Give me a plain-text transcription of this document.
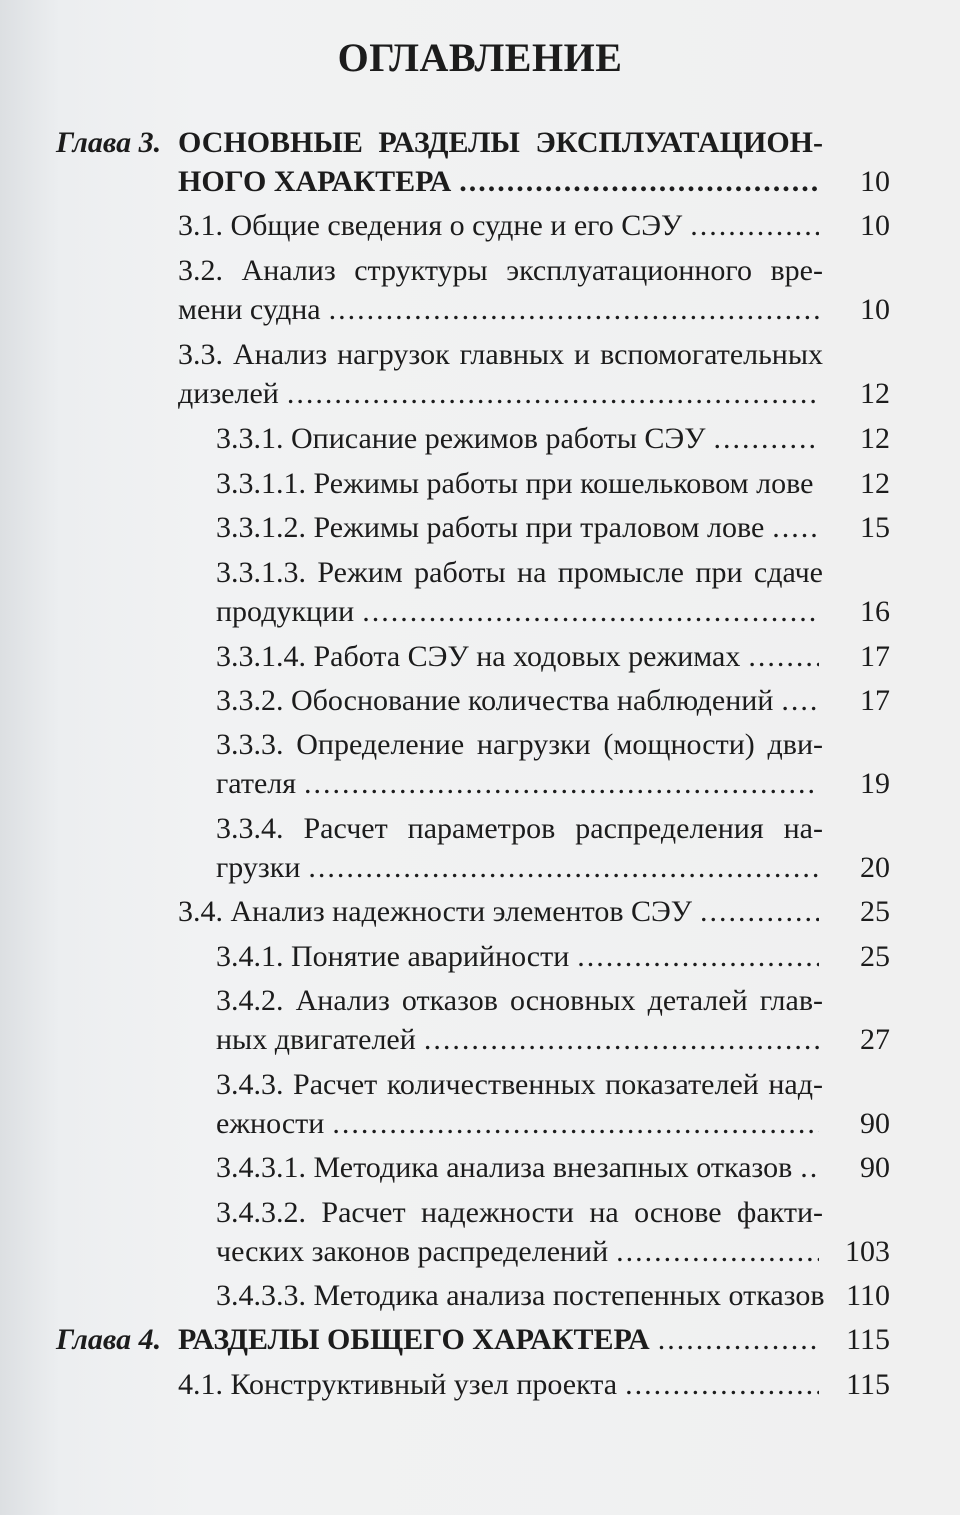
ОГЛАВЛЕНИЕ
Глава 3. ОСНОВНЫЕ РАЗДЕЛЫ ЭКСПЛУАТАЦИОН-
НОГО ХАРАКТЕРА .....	10
3.1. Общие сведения о судне и его СЭУ .....	10
3.2. Анализ структуры эксплуатационного вре-
мени судна .....	10
3.3. Анализ нагрузок главных и вспомогательных
дизелей .....	12
3.3.1. Описание режимов работы СЭУ .....	12
3.3.1.1. Режимы работы при кошельковом лове	12
3.3.1.2. Режимы работы при траловом лове .....	15
3.3.1.3. Режим работы на промысле при сдаче
продукции .....	16
3.3.1.4. Работа СЭУ на ходовых режимах .....	17
3.3.2. Обоснование количества наблюдений .....	17
3.3.3. Определение нагрузки (мощности) дви-
гателя .....	19
3.3.4. Расчет параметров распределения на-
грузки .....	20
3.4. Анализ надежности элементов СЭУ .....	25
3.4.1. Понятие аварийности .....	25
3.4.2. Анализ отказов основных деталей глав-
ных двигателей .....	27
3.4.3. Расчет количественных показателей над-
ежности .....	90
3.4.3.1. Методика анализа внезапных отказов ..... 90
3.4.3.2. Расчет надежности на основе факти-
ческих законов распределений .....	103
3.4.3.3. Методика анализа постепенных отказов 110
Глава 4. РАЗДЕЛЫ ОБЩЕГО ХАРАКТЕРА .....	115
4.1. Конструктивный узел проекта .....	115
